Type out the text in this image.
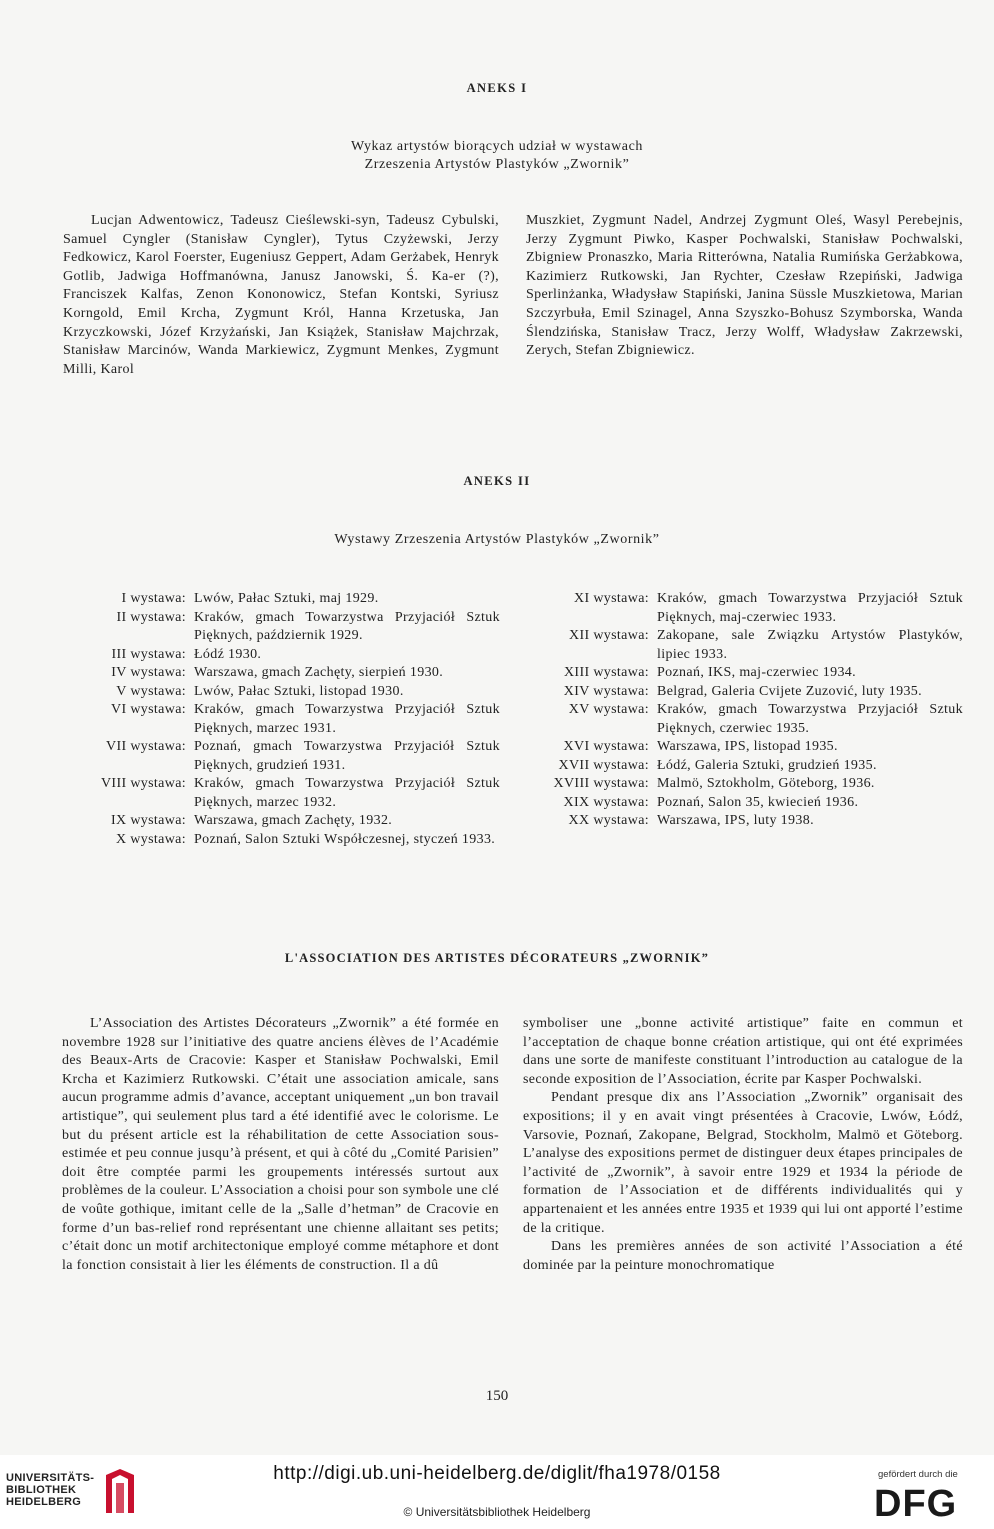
ANEKS I
Wykaz artystów biorących udział w wystawach
Zrzeszenia Artystów Plastyków „Zwornik”

Lucjan Adwentowicz, Tadeusz Cieślewski-syn, Tadeusz Cybulski, Samuel Cyngler (Stanisław Cyngler), Tytus Czyżewski, Jerzy Fedkowicz, Karol Foerster, Eugeniusz Geppert, Adam Gerżabek, Henryk Gotlib, Jadwiga Hoffmanówna, Janusz Janowski, Ś. Ka-er (?), Franciszek Kalfas, Zenon Kononowicz, Stefan Kontski, Syriusz Korngold, Emil Krcha, Zygmunt Król, Hanna Krzetuska, Jan Krzyczkowski, Józef Krzyżański, Jan Książek, Stanisław Majchrzak, Stanisław Marcinów, Wanda Markiewicz, Zygmunt Menkes, Zygmunt Milli, Karol

Muszkiet, Zygmunt Nadel, Andrzej Zygmunt Oleś, Wasyl Perebejnis, Jerzy Zygmunt Piwko, Kasper Pochwalski, Stanisław Pochwalski, Zbigniew Pronaszko, Maria Ritterówna, Natalia Rumińska Gerżabkowa, Kazimierz Rutkowski, Jan Rychter, Czesław Rzepiński, Jadwiga Sperlinżanka, Władysław Stapiński, Janina Süssle Muszkietowa, Marian Szczyrbuła, Emil Szinagel, Anna Szyszko-Bohusz Szymborska, Wanda Ślendzińska, Stanisław Tracz, Jerzy Wolff, Władysław Zakrzewski, Zerych, Stefan Zbigniewicz.

ANEKS II
Wystawy Zrzeszenia Artystów Plastyków „Zwornik”
I wystawa: Lwów, Pałac Sztuki, maj 1929.
II wystawa: Kraków, gmach Towarzystwa Przyjaciół Sztuk Pięknych, październik 1929.
III wystawa: Łódź 1930.
IV wystawa: Warszawa, gmach Zachęty, sierpień 1930.
V wystawa: Lwów, Pałac Sztuki, listopad 1930.
VI wystawa: Kraków, gmach Towarzystwa Przyjaciół Sztuk Pięknych, marzec 1931.
VII wystawa: Poznań, gmach Towarzystwa Przyjaciół Sztuk Pięknych, grudzień 1931.
VIII wystawa: Kraków, gmach Towarzystwa Przyjaciół Sztuk Pięknych, marzec 1932.
IX wystawa: Warszawa, gmach Zachęty, 1932.
X wystawa: Poznań, Salon Sztuki Współczesnej, styczeń 1933.
XI wystawa: Kraków, gmach Towarzystwa Przyjaciół Sztuk Pięknych, maj-czerwiec 1933.
XII wystawa: Zakopane, sale Związku Artystów Plastyków, lipiec 1933.
XIII wystawa: Poznań, IKS, maj-czerwiec 1934.
XIV wystawa: Belgrad, Galeria Cvijete Zuzović, luty 1935.
XV wystawa: Kraków, gmach Towarzystwa Przyjaciół Sztuk Pięknych, czerwiec 1935.
XVI wystawa: Warszawa, IPS, listopad 1935.
XVII wystawa: Łódź, Galeria Sztuki, grudzień 1935.
XVIII wystawa: Malmö, Sztokholm, Göteborg, 1936.
XIX wystawa: Poznań, Salon 35, kwiecień 1936.
XX wystawa: Warszawa, IPS, luty 1938.
L'ASSOCIATION DES ARTISTES DÉCORATEURS „ZWORNIK”

L’Association des Artistes Décorateurs „Zwornik” a été formée en novembre 1928 sur l’initiative des quatre anciens élèves de l’Académie des Beaux-Arts de Cracovie: Kasper et Stanisław Pochwalski, Emil Krcha et Kazimierz Rutkowski. C’était une association amicale, sans aucun programme admis d’avance, acceptant uniquement „un bon travail artistique”, qui seulement plus tard a été identifié avec le colorisme. Le but du présent article est la réhabilitation de cette Association sous-estimée et peu connue jusqu’à présent, et qui à côté du „Comité Parisien” doit être comptée parmi les groupements intéressés surtout aux problèmes de la couleur. L’Association a choisi pour son symbole une clé de voûte gothique, imitant celle de la „Salle d’hetman” de Cracovie en forme d’un bas-relief rond représentant une chienne allaitant ses petits; c’était donc un motif architectonique employé comme métaphore et dont la fonction consistait à lier les éléments de construction. Il a dû

symboliser une „bonne activité artistique” faite en commun et l’acceptation de chaque bonne création artistique, qui ont été exprimées dans une sorte de manifeste constituant l’introduction au catalogue de la seconde exposition de l’Association, écrite par Kasper Pochwalski.

Pendant presque dix ans l’Association „Zwornik” organisait des expositions; il y en avait vingt présentées à Cracovie, Lwów, Łódź, Varsovie, Poznań, Zakopane, Belgrad, Stockholm, Malmö et Göteborg. L’analyse des expositions permet de distinguer deux étapes principales de l’activité de „Zwornik”, à savoir entre 1929 et 1934 la période de formation de l’Association et de différents individualités qui y appartenaient et les années entre 1935 et 1939 qui lui ont apporté l’estime de la critique.

Dans les premières années de son activité l’Association a été dominée par la peinture monochromatique

150
UNIVERSITÄTS-
BIBLIOTHEK
HEIDELBERG
http://digi.ub.uni-heidelberg.de/diglit/fha1978/0158
© Universitätsbibliothek Heidelberg
gefördert durch die
DFG
